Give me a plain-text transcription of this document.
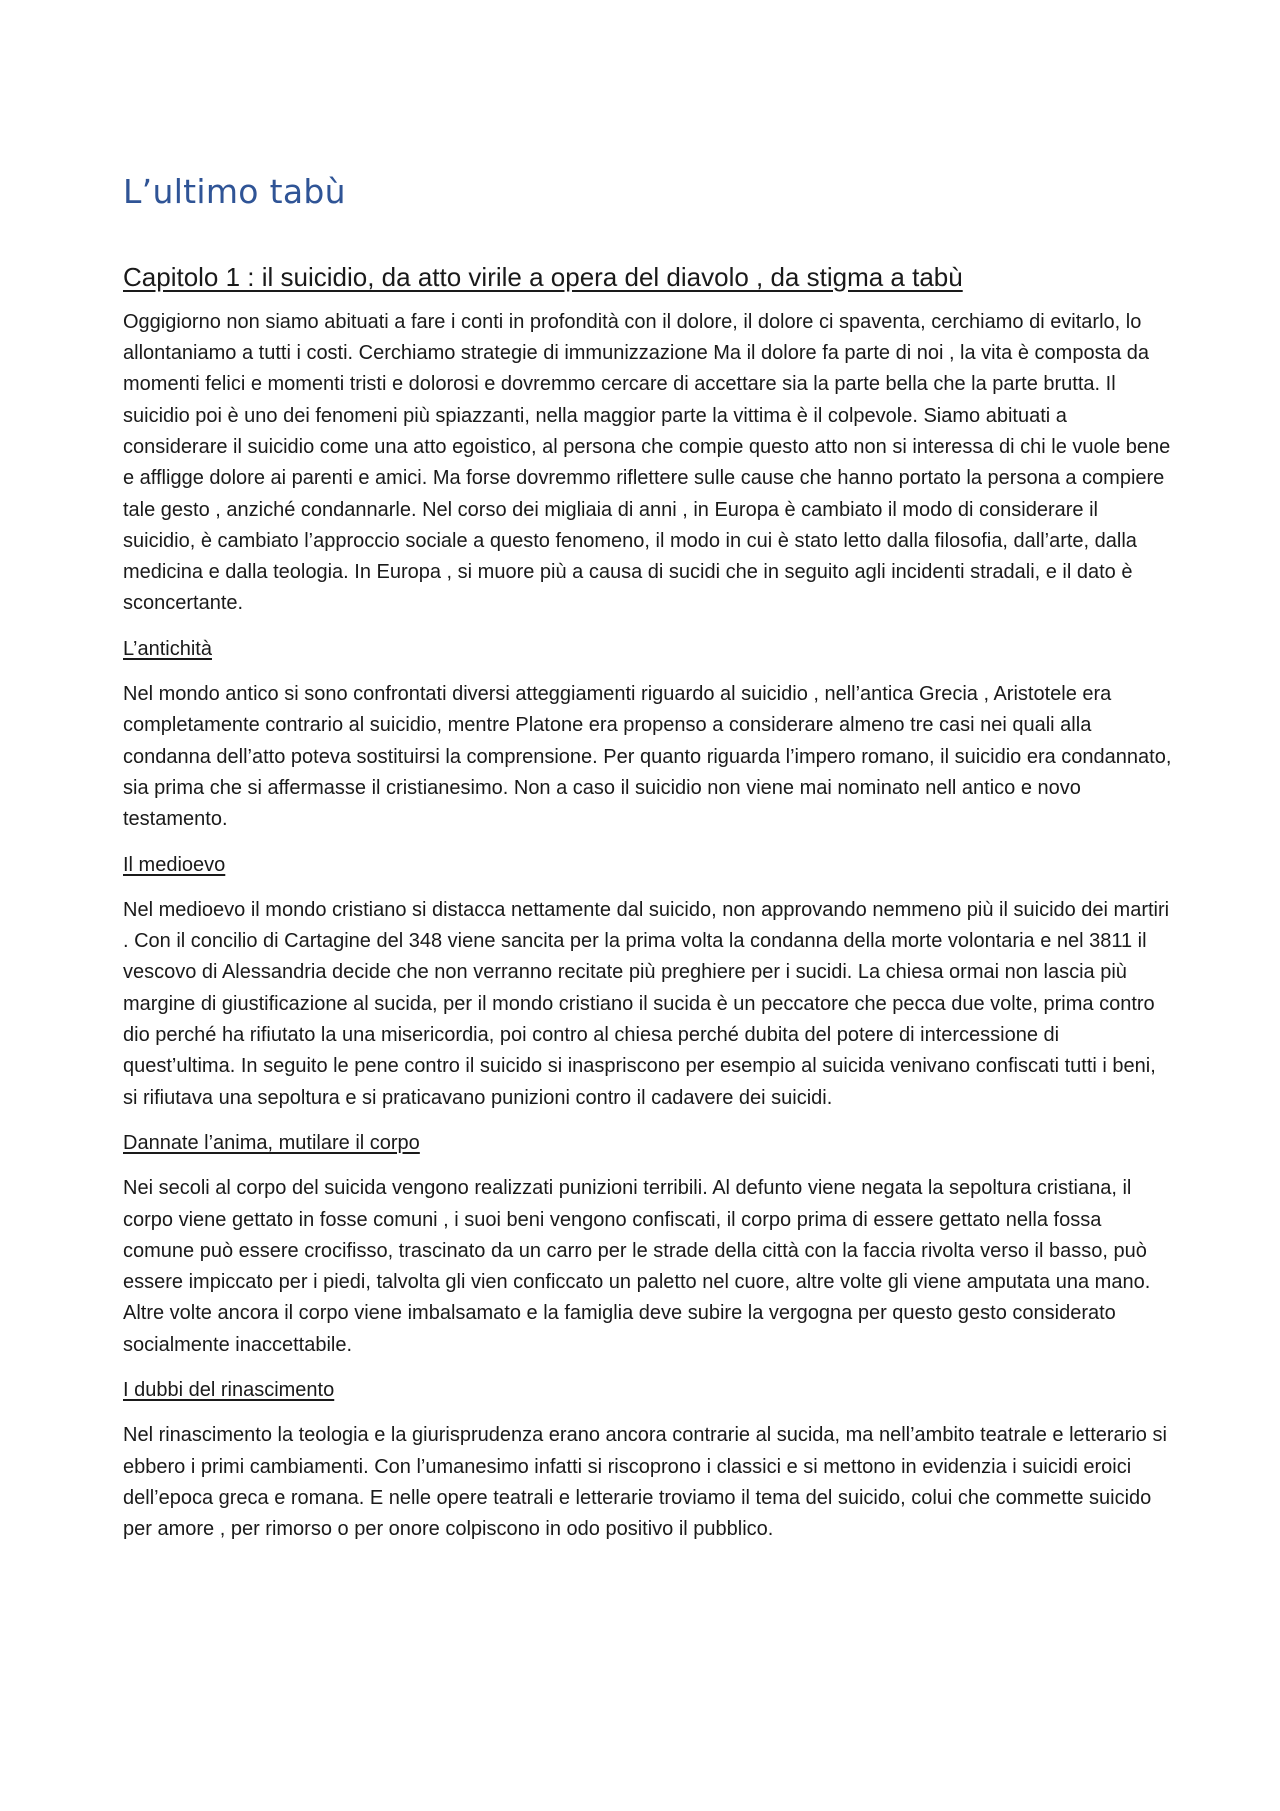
L’ultimo tabù
Capitolo 1 : il suicidio, da atto virile a opera del diavolo , da stigma a tabù

Oggigiorno non siamo abituati a fare i conti in profondità con il dolore, il dolore ci spaventa, cerchiamo di evitarlo, lo allontaniamo a tutti i costi. Cerchiamo strategie di immunizzazione Ma il dolore fa parte di noi , la vita è composta da momenti felici e momenti tristi e dolorosi e dovremmo cercare di accettare sia la parte bella che la parte brutta. Il suicidio poi è uno dei fenomeni più spiazzanti, nella maggior parte la vittima è il colpevole. Siamo abituati a considerare il suicidio come una atto egoistico, al persona che compie questo atto non si interessa di chi le vuole bene e affligge dolore ai parenti e amici. Ma forse dovremmo riflettere sulle cause che hanno portato la persona a compiere tale gesto , anziché condannarle. Nel corso dei migliaia di anni , in Europa è cambiato il modo di considerare il suicidio, è cambiato l’approccio sociale a questo fenomeno, il modo in cui è stato letto dalla filosofia, dall’arte, dalla medicina e dalla teologia. In Europa , si muore più a causa di sucidi che in seguito agli incidenti stradali, e il dato è sconcertante.

L’antichità

Nel mondo antico si sono confrontati diversi atteggiamenti riguardo al suicidio , nell’antica Grecia , Aristotele era completamente contrario al suicidio, mentre Platone era propenso a considerare almeno tre casi nei quali alla condanna dell’atto poteva sostituirsi la comprensione. Per quanto riguarda l’impero romano, il suicidio era condannato, sia prima che si affermasse il cristianesimo. Non a caso il suicidio non viene mai nominato nell antico e novo testamento.

Il medioevo

Nel medioevo il mondo cristiano si distacca nettamente dal suicido, non approvando nemmeno più il suicido dei martiri . Con il concilio di Cartagine del 348 viene sancita per la prima volta la condanna della morte volontaria e nel 3811 il vescovo di Alessandria decide che non verranno recitate più preghiere per i sucidi. La chiesa ormai non lascia più margine di giustificazione al sucida, per il mondo cristiano il sucida è un peccatore che pecca due volte, prima contro dio perché ha rifiutato la una misericordia, poi contro al chiesa perché dubita del potere di intercessione di quest’ultima. In seguito le pene contro il suicido si inaspriscono per esempio al suicida venivano confiscati tutti i beni, si rifiutava una sepoltura e si praticavano punizioni contro il cadavere dei suicidi.

Dannate l’anima, mutilare il corpo

Nei secoli al corpo del suicida vengono realizzati punizioni terribili. Al defunto viene negata la sepoltura cristiana, il corpo viene gettato in fosse comuni , i suoi beni vengono confiscati, il corpo prima di essere gettato nella fossa comune può essere crocifisso, trascinato da un carro per le strade della città con la faccia rivolta verso il basso, può essere impiccato per i piedi, talvolta gli vien conficcato un paletto nel cuore, altre volte gli viene amputata una mano. Altre volte ancora il corpo viene imbalsamato e la famiglia deve subire la vergogna per questo gesto considerato socialmente inaccettabile.

I dubbi del rinascimento

Nel rinascimento la teologia e la giurisprudenza erano ancora contrarie al sucida, ma nell’ambito teatrale e letterario si ebbero i primi cambiamenti. Con l’umanesimo infatti si riscoprono i classici e si mettono in evidenzia i suicidi eroici dell’epoca greca e romana. E nelle opere teatrali e letterarie troviamo il tema del suicido, colui che commette suicido per amore , per rimorso o per onore colpiscono in odo positivo il pubblico.
